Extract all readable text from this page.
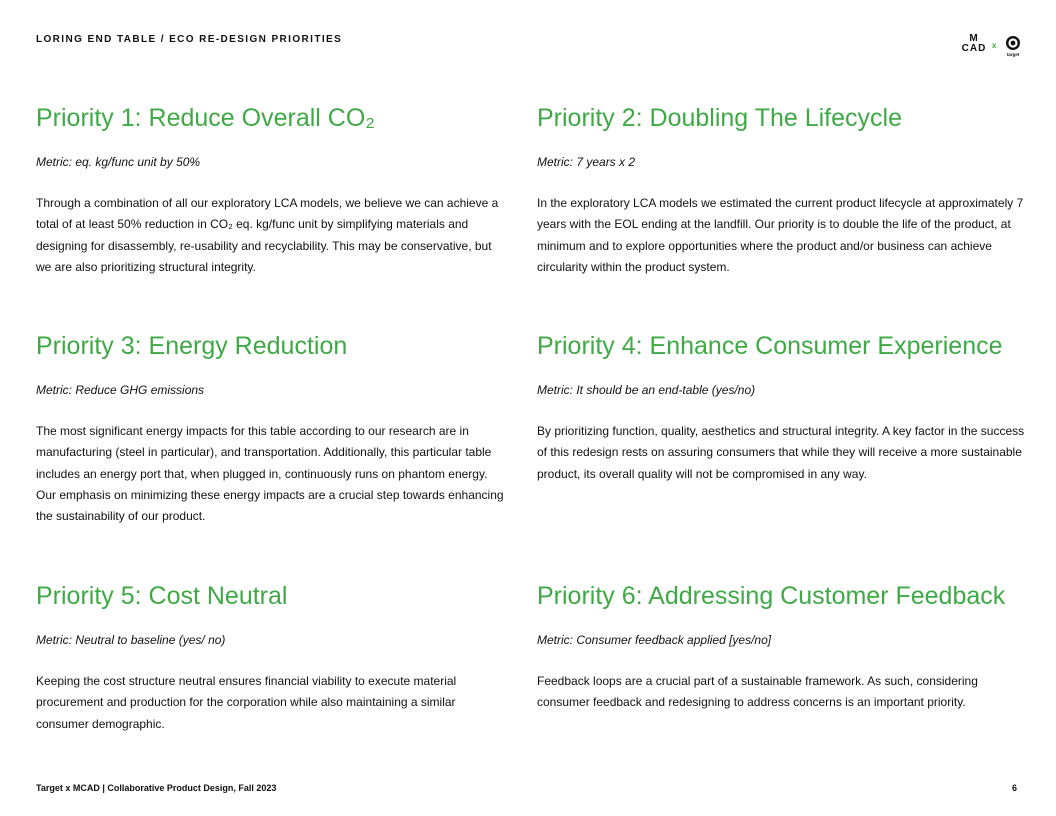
LORING END TABLE / ECO RE-DESIGN PRIORITIES	M
CAD x
target
Priority 1: Reduce Overall CO₂

Metric: eq. kg/func unit by 50%

Through a combination of all our exploratory LCA models, we believe we can achieve a total of at least 50% reduction in CO₂ eq. kg/func unit by simplifying materials and designing for disassembly, re-usability and recyclability. This may be conservative, but we are also prioritizing structural integrity.

Priority 2: Doubling The Lifecycle

Metric: 7 years x 2

In the exploratory LCA models we estimated the current product lifecycle at approximately 7 years with the EOL ending at the landfill. Our priority is to double the life of the product, at minimum and to explore opportunities where the product and/or business can achieve circularity within the product system.

Priority 3: Energy Reduction

Metric: Reduce GHG emissions

The most significant energy impacts for this table according to our research are in manufacturing (steel in particular), and transportation. Additionally, this particular table includes an energy port that, when plugged in, continuously runs on phantom energy. Our emphasis on minimizing these energy impacts are a crucial step towards enhancing the sustainability of our product.

Priority 4: Enhance Consumer Experience

Metric: It should be an end-table (yes/no)

By prioritizing function, quality, aesthetics and structural integrity. A key factor in the success of this redesign rests on assuring consumers that while they will receive a more sustainable product, its overall quality will not be compromised in any way.

Priority 5: Cost Neutral

Metric: Neutral to baseline (yes/ no)

Keeping the cost structure neutral ensures financial viability to execute material procurement and production for the corporation while also maintaining a similar consumer demographic.

Priority 6: Addressing Customer Feedback

Metric: Consumer feedback applied [yes/no]

Feedback loops are a crucial part of a sustainable framework. As such, considering consumer feedback and redesigning to address concerns is an important priority.

Target x MCAD | Collaborative Product Design, Fall 2023	6
